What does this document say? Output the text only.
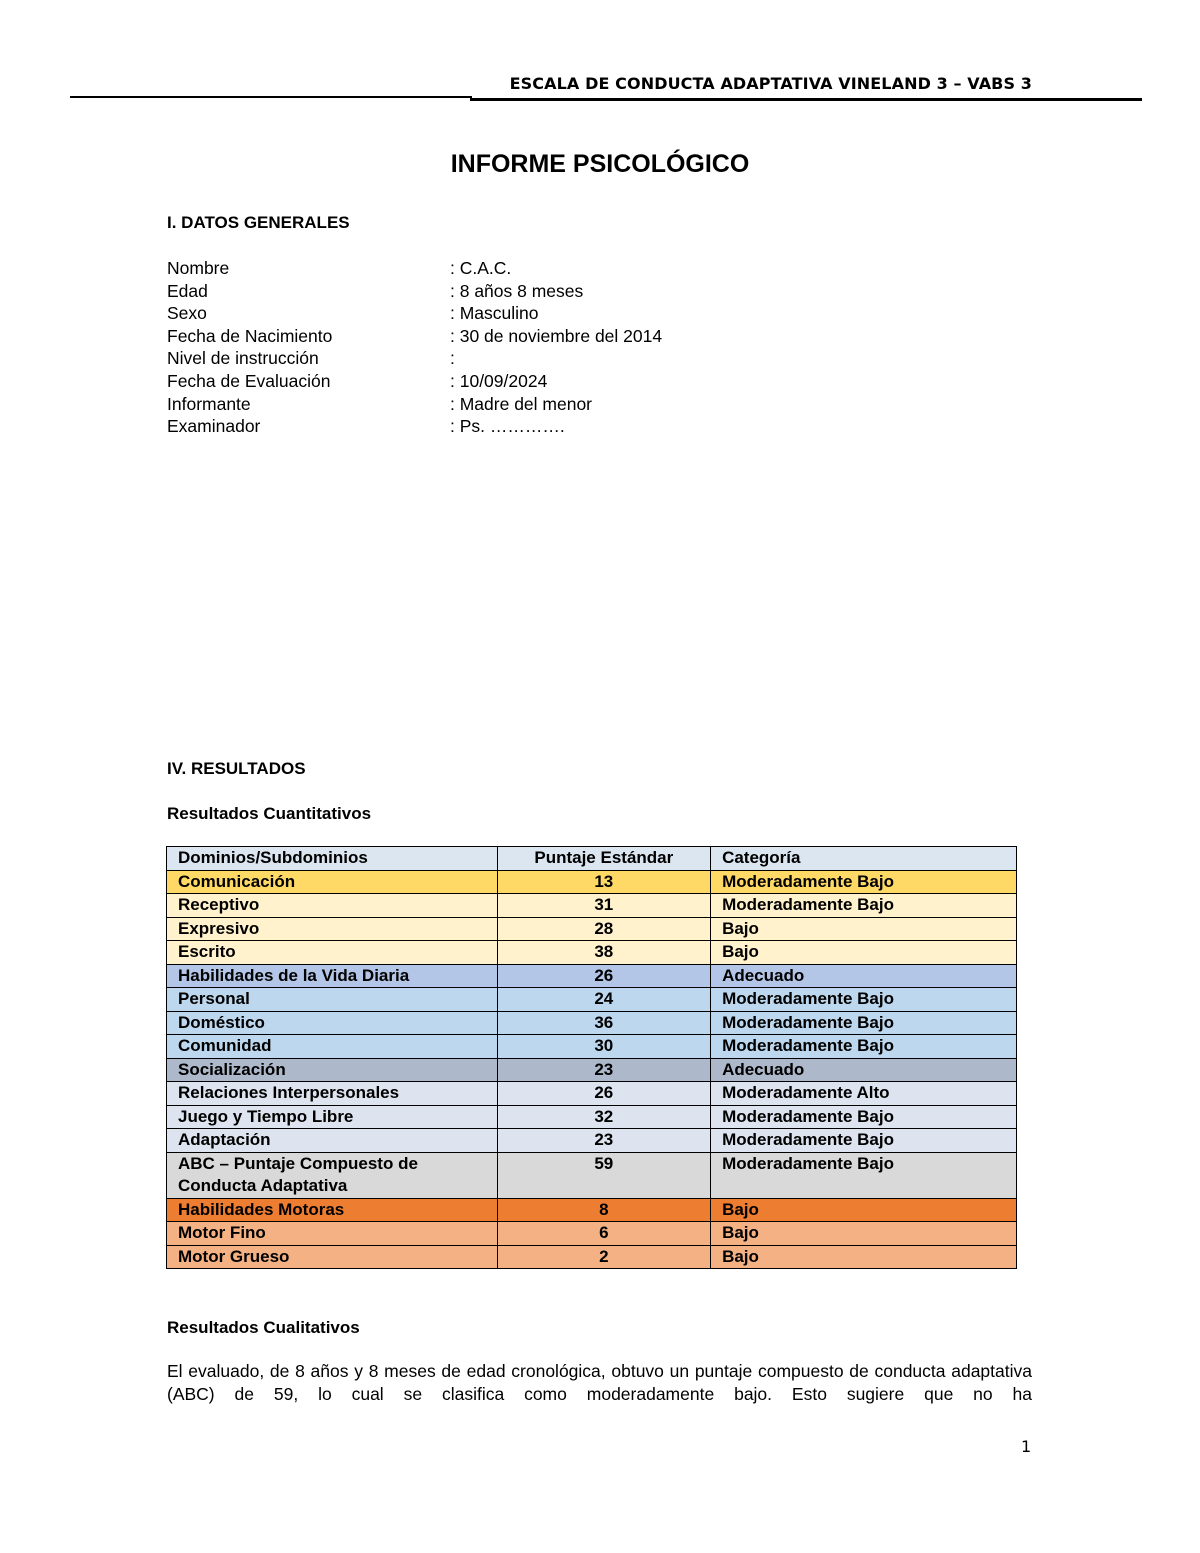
ESCALA DE CONDUCTA ADAPTATIVA VINELAND 3 – VABS 3
INFORME PSICOLÓGICO
I. DATOS GENERALES
Nombre	: C.A.C.
Edad	: 8 años 8 meses
Sexo	: Masculino
Fecha de Nacimiento	: 30 de noviembre del 2014
Nivel de instrucción	:
Fecha de Evaluación	: 10/09/2024
Informante	: Madre del menor
Examinador	: Ps. ………….
IV. RESULTADOS
Resultados Cuantitativos
Dominios/Subdominios	Puntaje Estándar	Categoría
Comunicación	13	Moderadamente Bajo
Receptivo	31	Moderadamente Bajo
Expresivo	28	Bajo
Escrito	38	Bajo
Habilidades de la Vida Diaria	26	Adecuado
Personal	24	Moderadamente Bajo
Doméstico	36	Moderadamente Bajo
Comunidad	30	Moderadamente Bajo
Socialización	23	Adecuado
Relaciones Interpersonales	26	Moderadamente Alto
Juego y Tiempo Libre	32	Moderadamente Bajo
Adaptación	23	Moderadamente Bajo
ABC – Puntaje Compuesto de Conducta Adaptativa	59	Moderadamente Bajo
Habilidades Motoras	8	Bajo
Motor Fino	6	Bajo
Motor Grueso	2	Bajo
Resultados Cualitativos
El evaluado, de 8 años y 8 meses de edad cronológica, obtuvo un puntaje compuesto de conducta adaptativa (ABC) de 59, lo cual se clasifica como moderadamente bajo. Esto sugiere que no ha
1
